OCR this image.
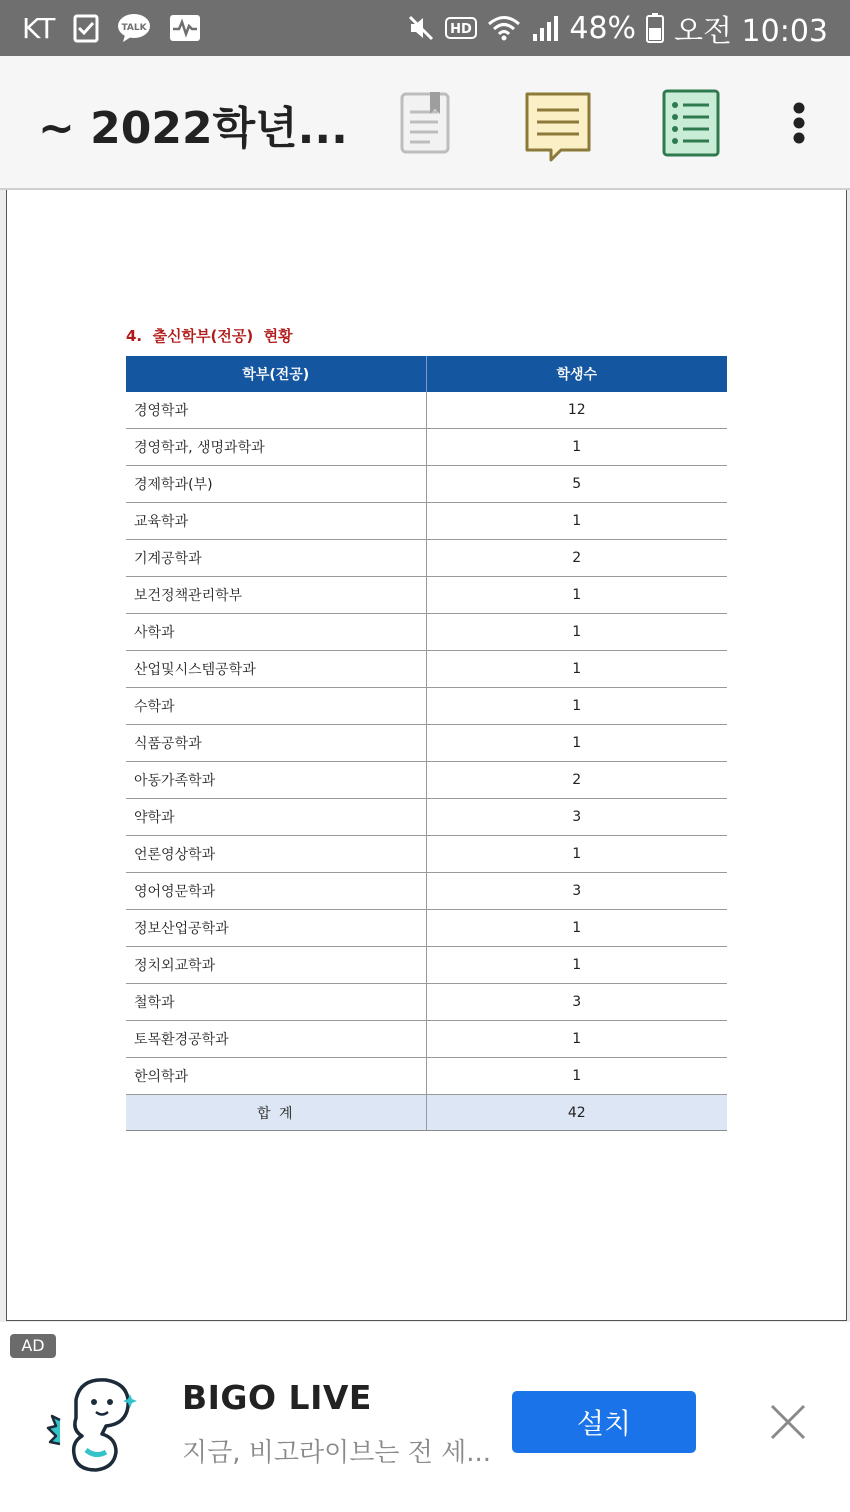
KT	TALK	HD	48% 오전 10:03
~ 2022학년...
4.  출신학부(전공)  현황
학부(전공)	학생수
경영학과	12
경영학과, 생명과학과	1
경제학과(부)	5
교육학과	1
기계공학과	2
보건정책관리학부	1
사학과	1
산업및시스템공학과	1
수학과	1
식품공학과	1
아동가족학과	2
약학과	3
언론영상학과	1
영어영문학과	3
정보산업공학과	1
정치외교학과	1
철학과	3
토목환경공학과	1
한의학과	1
합 계	42
AD
BIGO LIVE
지금, 비고라이브는 전 세...
설치
